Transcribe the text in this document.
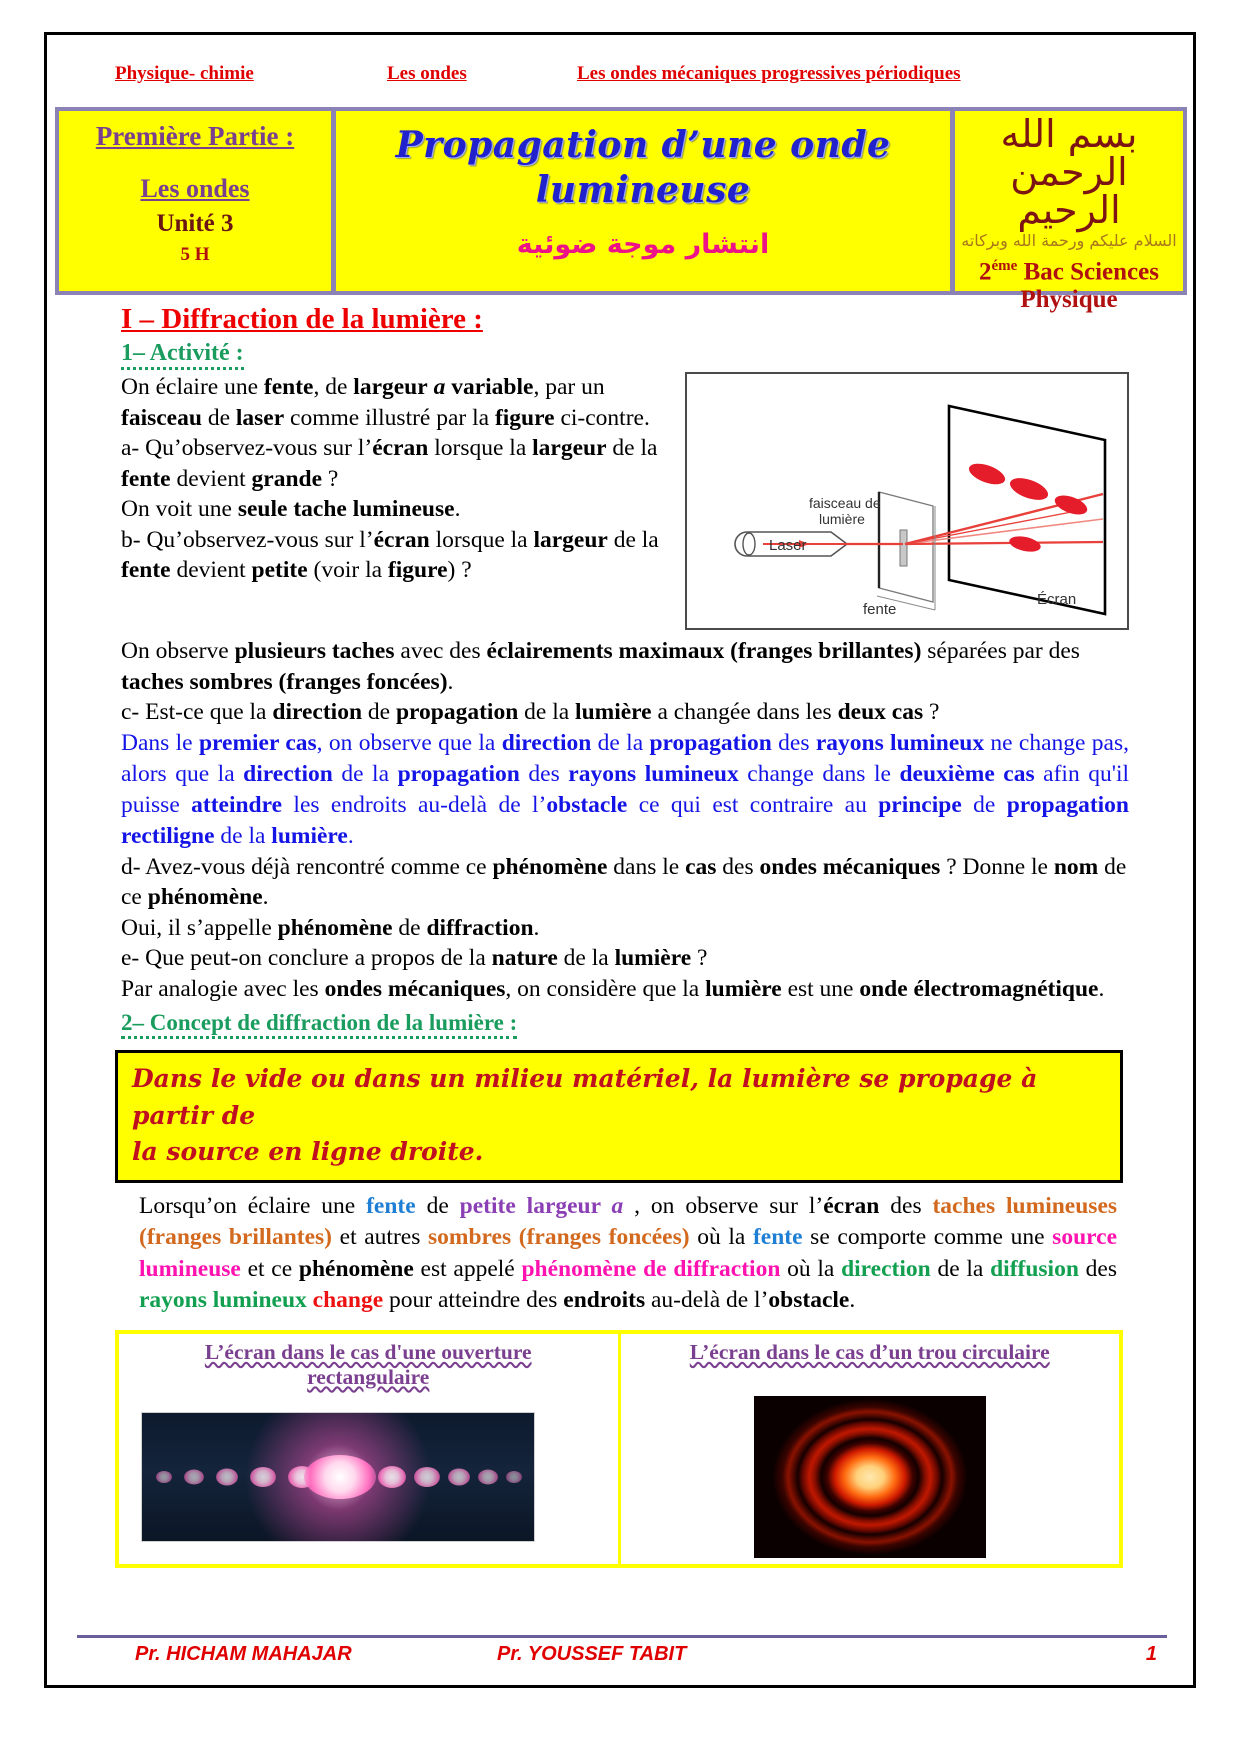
Physique- chimie	Les ondes	Les ondes mécaniques progressives périodiques
Première Partie :
Les ondes
Unité 3
5 H
Propagation d’une onde
lumineuse
انتشار موجة ضوئية
بسم الله الرحمن الرحيم
السلام عليكم ورحمة الله وبركاته
$2^{éme}$ Bac Sciences
Physique
I – Diffraction de la lumière :
1– Activité :
Laser
faisceau de
lumière
fente
Écran

On éclaire une fente, de largeur a variable, par un faisceau de laser comme illustré par la figure ci-contre.

a- Qu’observez-vous sur l’écran lorsque la largeur de la fente devient grande ?

On voit une seule tache lumineuse.

b- Qu’observez-vous sur l’écran lorsque la largeur de la fente devient petite (voir la figure) ?

On observe plusieurs taches avec des éclairements maximaux (franges brillantes) séparées par des taches sombres (franges foncées).

c- Est-ce que la direction de propagation de la lumière a changée dans les deux cas ?

Dans le premier cas, on observe que la direction de la propagation des rayons lumineux ne change pas, alors que la direction de la propagation des rayons lumineux change dans le deuxième cas afin qu'il puisse atteindre les endroits au-delà de l’obstacle ce qui est contraire au principe de propagation rectiligne de la lumière.

d- Avez-vous déjà rencontré comme ce phénomène dans le cas des ondes mécaniques ? Donne le nom de ce phénomène.

Oui, il s’appelle phénomène de diffraction.

e- Que peut-on conclure a propos de la nature de la lumière ?

Par analogie avec les ondes mécaniques, on considère que la lumière est une onde électromagnétique.

2– Concept de diffraction de la lumière :

Dans le vide ou dans un milieu matériel, la lumière se propage à partir de

la source en ligne droite.

Lorsqu’on éclaire une fente de petite largeur a , on observe sur l’écran des taches lumineuses (franges brillantes) et autres sombres (franges foncées) où la fente se comporte comme une source lumineuse et ce phénomène est appelé phénomène de diffraction où la direction de la diffusion des rayons lumineux change pour atteindre des endroits au-delà de l’obstacle.

L’écran dans le cas d'une ouverture
rectangulaire
L’écran dans le cas d’un trou circulaire
Pr. HICHAM MAHAJAR	Pr. YOUSSEF TABIT	1
